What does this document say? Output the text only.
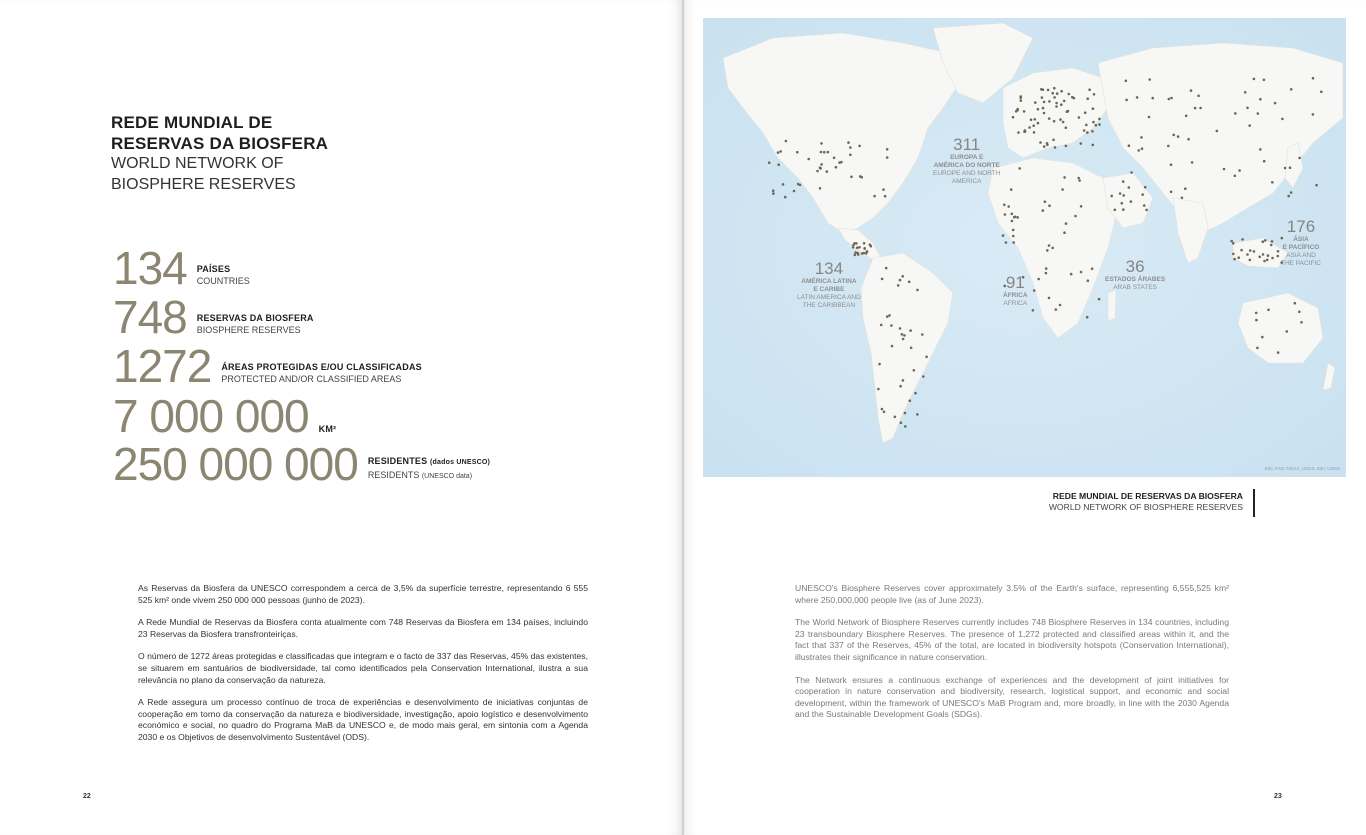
REDE MUNDIAL DE
RESERVAS DA BIOSFERA
WORLD NETWORK OF
BIOSPHERE RESERVES
134 PAÍSES
COUNTRIES
748 RESERVAS DA BIOSFERA
BIOSPHERE RESERVES
1272 ÁREAS PROTEGIDAS E/OU CLASSIFICADAS
PROTECTED AND/OR CLASSIFIED AREAS
7 000 000 KM²
250 000 000 RESIDENTES (dados UNESCO)
RESIDENTS (UNESCO data)

As Reservas da Biosfera da UNESCO correspondem a cerca de 3,5% da superfície terrestre, representando 6 555 525 km² onde vivem 250 000 000 pessoas (junho de 2023).

A Rede Mundial de Reservas da Biosfera conta atualmente com 748 Reservas da Biosfera em 134 países, incluindo 23 Reservas da Biosfera transfronteiriças.

O número de 1272 áreas protegidas e classificadas que integram e o facto de 337 das Reservas, 45% das existentes, se situarem em santuários de biodiversidade, tal como identificados pela Conservation International, ilustra a sua relevância no plano da conservação da natureza.

A Rede assegura um processo contínuo de troca de experiências e desenvolvimento de iniciativas conjuntas de cooperação em torno da conservação da natureza e biodiversidade, investigação, apoio logístico e desenvolvimento económico e social, no quadro do Programa MaB da UNESCO e, de modo mais geral, em sintonia com a Agenda 2030 e os Objetivos de desenvolvimento Sustentável (ODS).

22
311
EUROPA E
AMÉRICA DO NORTE
EUROPE AND NORTH
AMERICA
134
AMÉRICA LATINA
E CARIBE
LATIN AMERICA AND
THE CARIBBEAN
91
ÁFRICA
AFRICA
36
ESTADOS ÁRABES
ARAB STATES
176
ÁSIA
E PACÍFICO
ASIA AND
THE PACIFIC
Esri, FAO, NOAA, USGS, Esri, USGS
REDE MUNDIAL DE RESERVAS DA BIOSFERA
WORLD NETWORK OF BIOSPHERE RESERVES

UNESCO's Biosphere Reserves cover approximately 3.5% of the Earth's surface, representing 6,555,525 km² where 250,000,000 people live (as of June 2023).

The World Network of Biosphere Reserves currently includes 748 Biosphere Reserves in 134 countries, including 23 transboundary Biosphere Reserves. The presence of 1,272 protected and classified areas within it, and the fact that 337 of the Reserves, 45% of the total, are located in biodiversity hotspots (Conservation International), illustrates their significance in nature conservation.

The Network ensures a continuous exchange of experiences and the development of joint initiatives for cooperation in nature conservation and biodiversity, research, logistical support, and economic and social development, within the framework of UNESCO's MaB Program and, more broadly, in line with the 2030 Agenda and the Sustainable Development Goals (SDGs).

23
